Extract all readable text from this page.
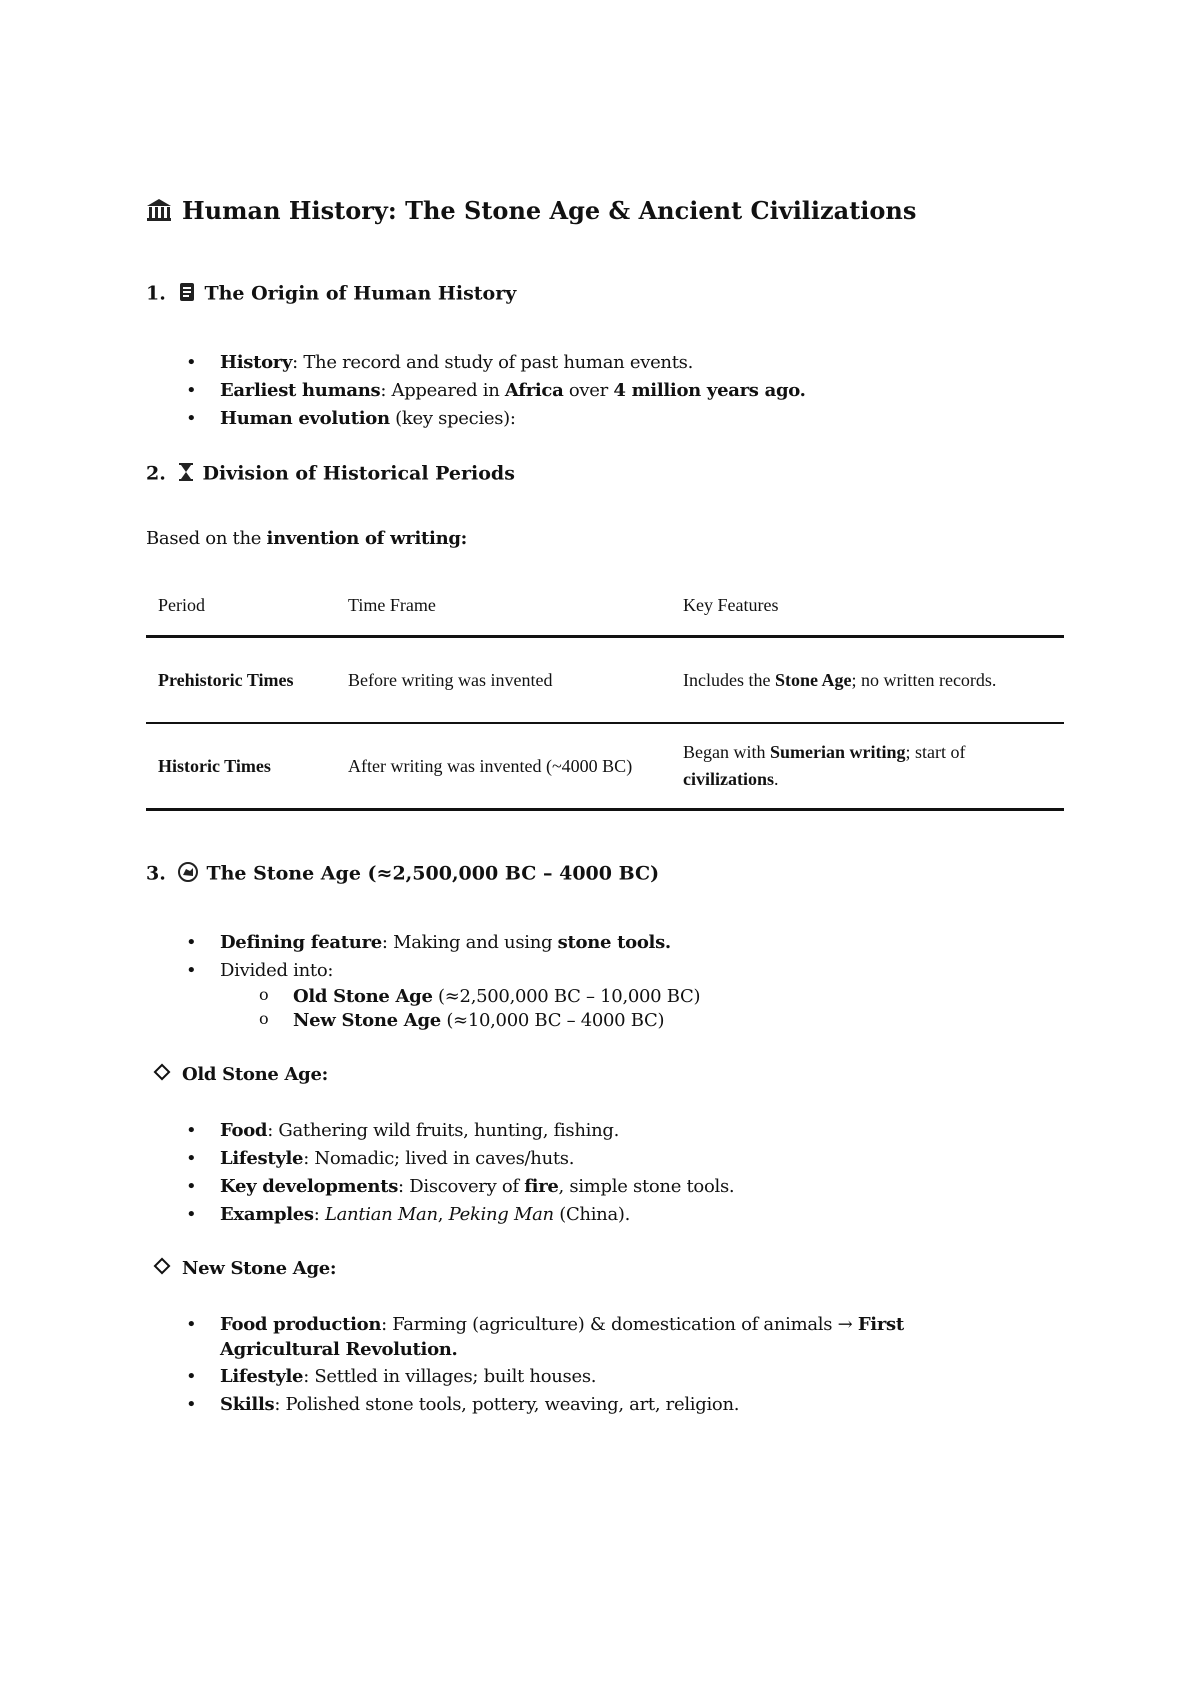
Human History: The Stone Age & Ancient Civilizations
1. The Origin of Human History
• History: The record and study of past human events.
• Earliest humans: Appeared in Africa over 4 million years ago.
• Human evolution (key species):
2. Division of Historical Periods
Based on the invention of writing:
Period	Time Frame	Key Features
Prehistoric Times	Before writing was invented	Includes the Stone Age; no written records.
Historic Times	After writing was invented (~4000 BC)	Began with Sumerian writing; start of civilizations.
3. The Stone Age (≈2,500,000 BC – 4000 BC)
• Defining feature: Making and using stone tools.
• Divided into:
o Old Stone Age (≈2,500,000 BC – 10,000 BC)
o New Stone Age (≈10,000 BC – 4000 BC)
Old Stone Age:
• Food: Gathering wild fruits, hunting, fishing.
• Lifestyle: Nomadic; lived in caves/huts.
• Key developments: Discovery of fire, simple stone tools.
• Examples: Lantian Man, Peking Man (China).
New Stone Age:
• Food production: Farming (agriculture) & domestication of animals → First
Agricultural Revolution.
• Lifestyle: Settled in villages; built houses.
• Skills: Polished stone tools, pottery, weaving, art, religion.
